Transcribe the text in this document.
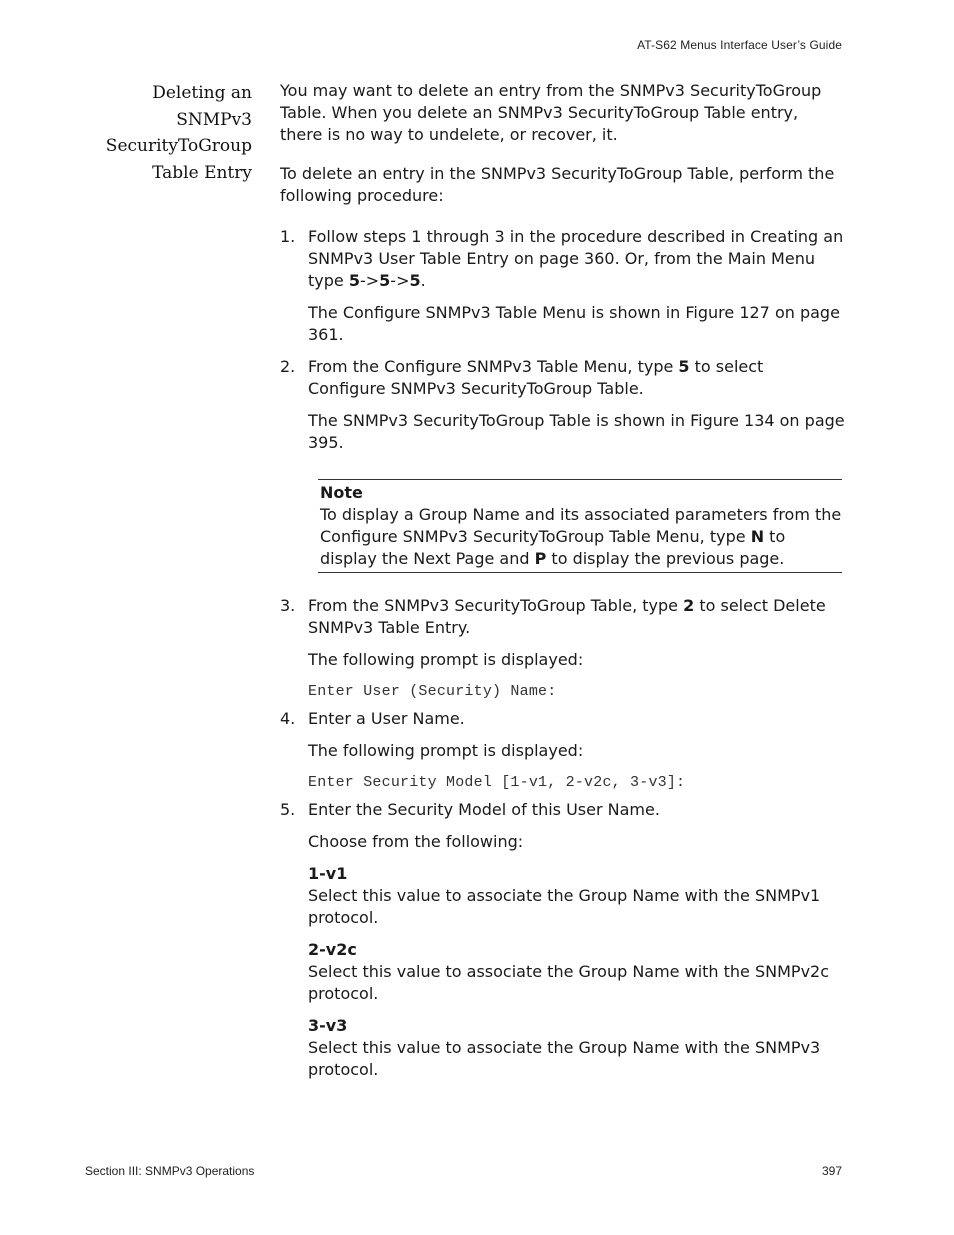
AT-S62 Menus Interface User’s Guide
Deleting an
SNMPv3
SecurityToGroup
Table Entry

You may want to delete an entry from the SNMPv3 SecurityToGroup Table. When you delete an SNMPv3 SecurityToGroup Table entry, there is no way to undelete, or recover, it.

To delete an entry in the SNMPv3 SecurityToGroup Table, perform the following procedure:

1. Follow steps 1 through 3 in the procedure described in Creating an SNMPv3 User Table Entry on page 360. Or, from the Main Menu type 5->5->5.

The Configure SNMPv3 Table Menu is shown in Figure 127 on page 361.

2. From the Configure SNMPv3 Table Menu, type 5 to select Configure SNMPv3 SecurityToGroup Table.

The SNMPv3 SecurityToGroup Table is shown in Figure 134 on page 395.

Note
To display a Group Name and its associated parameters from the Configure SNMPv3 SecurityToGroup Table Menu, type N to display the Next Page and P to display the previous page.
3. From the SNMPv3 SecurityToGroup Table, type 2 to select Delete SNMPv3 Table Entry.

The following prompt is displayed:

Enter User (Security) Name:
4. Enter a User Name.

The following prompt is displayed:

Enter Security Model [1-v1, 2-v2c, 3-v3]:
5. Enter the Security Model of this User Name.

Choose from the following:

1-v1
Select this value to associate the Group Name with the SNMPv1 protocol.
2-v2c
Select this value to associate the Group Name with the SNMPv2c protocol.
3-v3
Select this value to associate the Group Name with the SNMPv3 protocol.
Section III: SNMPv3 Operations	397
